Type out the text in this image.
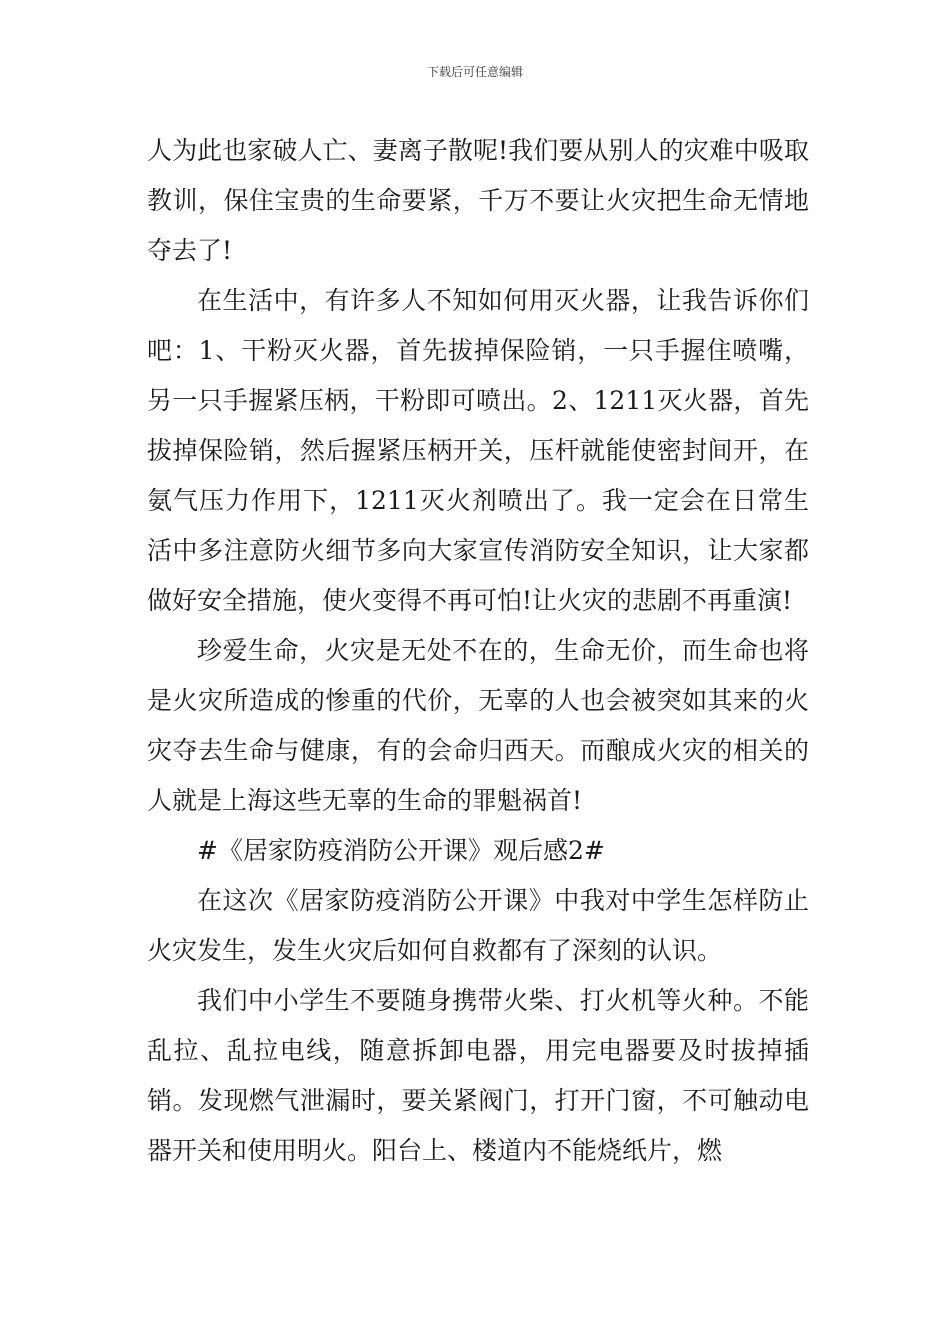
下载后可任意编辑

人为此也家破人亡、妻离子散呢!我们要从别人的灾难中吸取教训，保住宝贵的生命要紧，千万不要让火灾把生命无情地夺去了!

在生活中，有许多人不知如何用灭火器，让我告诉你们吧：1、干粉灭火器，首先拔掉保险销，一只手握住喷嘴，另一只手握紧压柄，干粉即可喷出。2、1211灭火器，首先拔掉保险销，然后握紧压柄开关，压杆就能使密封间开，在氨气压力作用下，1211灭火剂喷出了。我一定会在日常生活中多注意防火细节多向大家宣传消防安全知识，让大家都做好安全措施，使火变得不再可怕!让火灾的悲剧不再重演!

珍爱生命，火灾是无处不在的，生命无价，而生命也将是火灾所造成的惨重的代价，无辜的人也会被突如其来的火灾夺去生命与健康，有的会命归西天。而酿成火灾的相关的人就是上海这些无辜的生命的罪魁祸首!

#《居家防疫消防公开课》观后感2#

在这次《居家防疫消防公开课》中我对中学生怎样防止火灾发生，发生火灾后如何自救都有了深刻的认识。

我们中小学生不要随身携带火柴、打火机等火种。不能乱拉、乱拉电线，随意拆卸电器，用完电器要及时拔掉插销。发现燃气泄漏时，要关紧阀门，打开门窗，不可触动电器开关和使用明火。阳台上、楼道内不能烧纸片，燃
